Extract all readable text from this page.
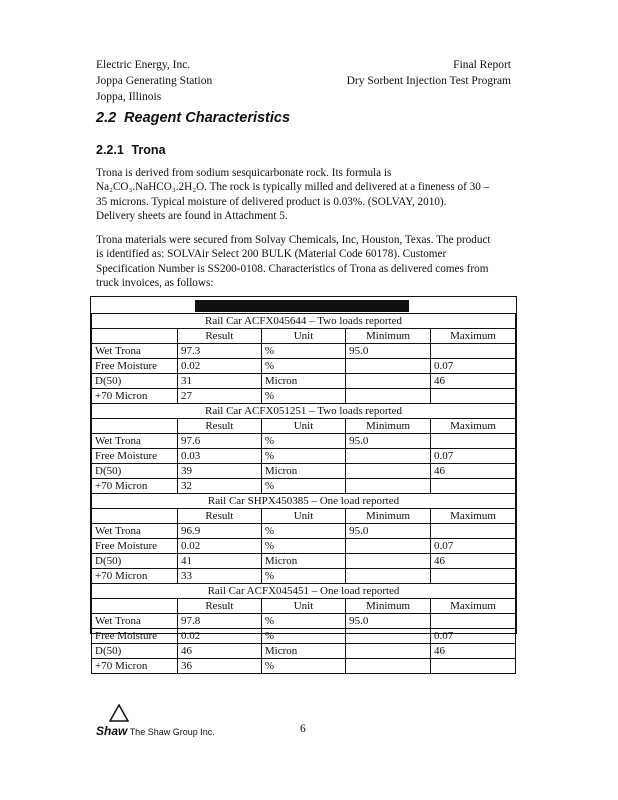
Electric Energy, Inc.
Joppa Generating Station
Joppa, Illinois
Final Report
Dry Sorbent Injection Test Program
2.2 Reagent Characteristics
2.2.1 Trona
Trona is derived from sodium sesquicarbonate rock. Its formula is
Na₂CO₃.NaHCO₃.2H₂O. The rock is typically milled and delivered at a fineness of 30 –
35 microns. Typical moisture of delivered product is 0.03%. (SOLVAY, 2010).
Delivery sheets are found in Attachment 5.
Trona materials were secured from Solvay Chemicals, Inc, Houston, Texas. The product
is identified as: SOLVAir Select 200 BULK (Material Code 60178). Customer
Specification Number is SS200-0108. Characteristics of Trona as delivered comes from
truck invoices, as follows:
Rail Car ACFX045644 – Two loads reported				
	Result	Unit	Minimum	Maximum
Wet Trona	97.3	%	95.0	
Free Moisture	0.02	%		0.07
D(50)	31	Micron		46
+70 Micron	27	%		
Rail Car ACFX051251 – Two loads reported				
	Result	Unit	Minimum	Maximum
Wet Trona	97.6	%	95.0	
Free Moisture	0.03	%		0.07
D(50)	39	Micron		46
+70 Micron	32	%		
Rail Car SHPX450385 – One load reported				
	Result	Unit	Minimum	Maximum
Wet Trona	96.9	%	95.0	
Free Moisture	0.02	%		0.07
D(50)	41	Micron		46
+70 Micron	33	%		
Rail Car ACFX045451 – One load reported				
	Result	Unit	Minimum	Maximum
Wet Trona	97.8	%	95.0	
Free Moisture	0.02	%		0.07
D(50)	46	Micron		46
+70 Micron	36	%		
Shaw The Shaw Group Inc.	6
